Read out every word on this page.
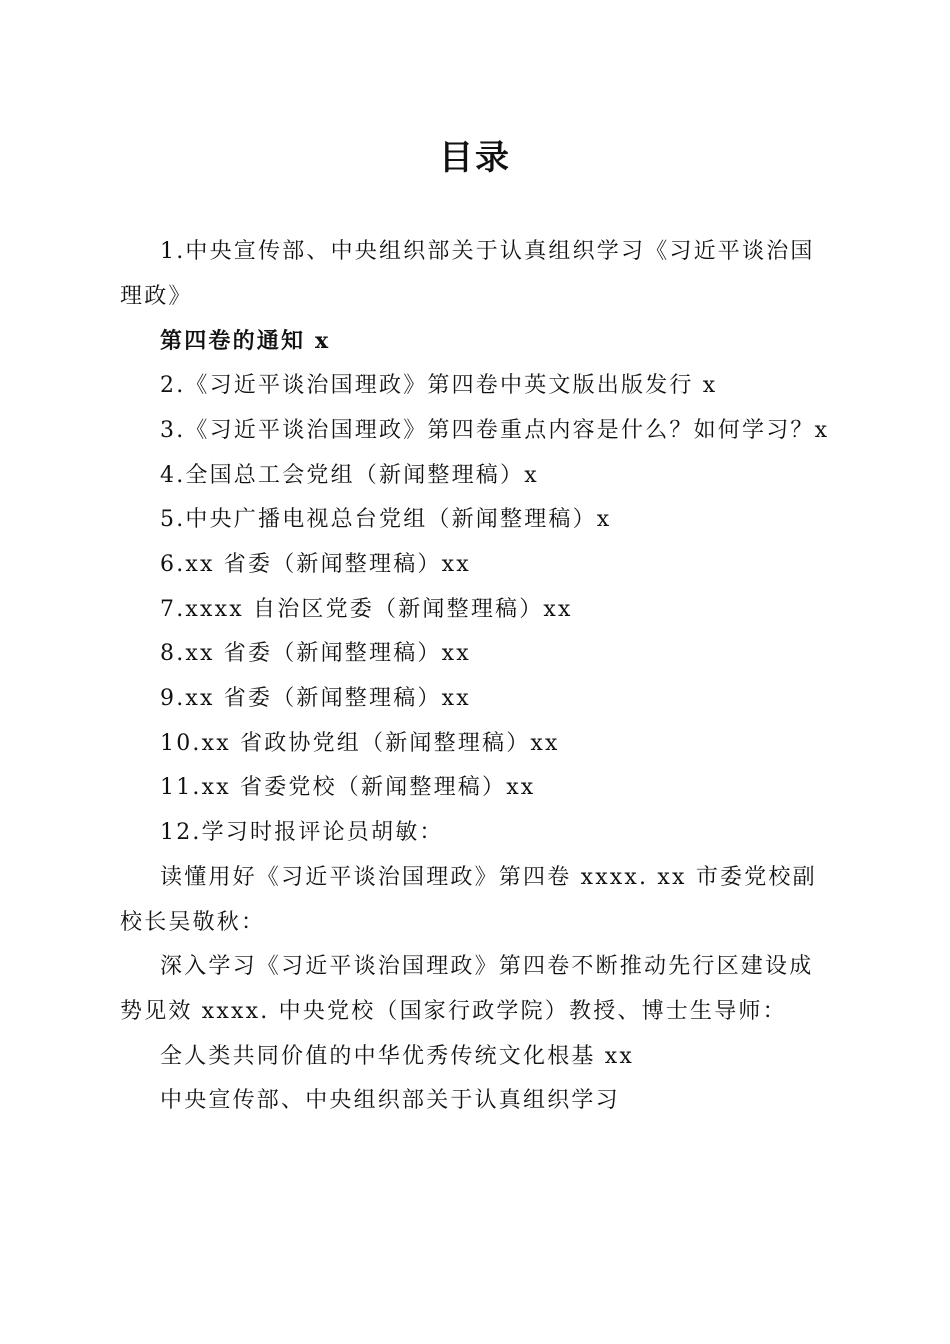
目录

1.中央宣传部、中央组织部关于认真组织学习《习近平谈治国理政》

第四卷的通知 x

2.《习近平谈治国理政》第四卷中英文版出版发行 x

3.《习近平谈治国理政》第四卷重点内容是什么？如何学习？x

4.全国总工会党组（新闻整理稿）x

5.中央广播电视总台党组（新闻整理稿）x

6.xx 省委（新闻整理稿）xx

7.xxxx 自治区党委（新闻整理稿）xx

8.xx 省委（新闻整理稿）xx

9.xx 省委（新闻整理稿）xx

10.xx 省政协党组（新闻整理稿）xx

11.xx 省委党校（新闻整理稿）xx

12.学习时报评论员胡敏：

读懂用好《习近平谈治国理政》第四卷 xxxx. xx 市委党校副校长吴敬秋：

深入学习《习近平谈治国理政》第四卷不断推动先行区建设成势见效 xxxx. 中央党校（国家行政学院）教授、博士生导师：

全人类共同价值的中华优秀传统文化根基 xx

中央宣传部、中央组织部关于认真组织学习
